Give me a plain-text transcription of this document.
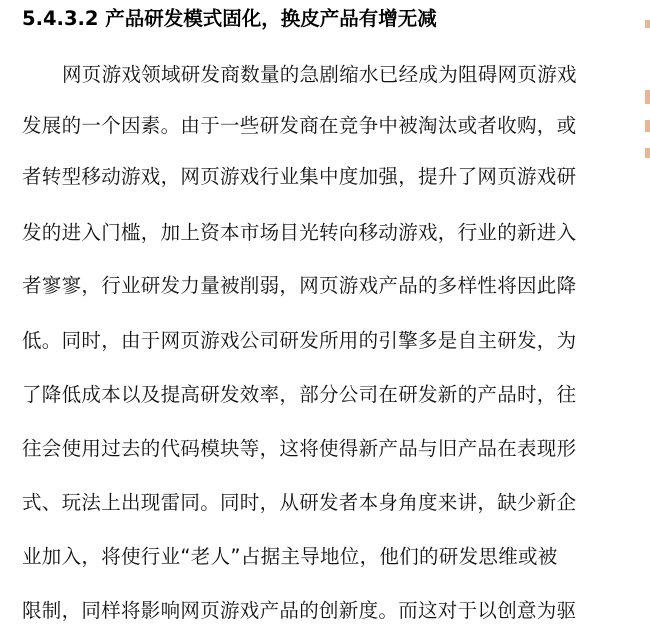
5.4.3.2 产品研发模式固化，换皮产品有增无减
网页游戏领域研发商数量的急剧缩水已经成为阻碍网页游戏
发展的一个因素。由于一些研发商在竞争中被淘汰或者收购，或
者转型移动游戏，网页游戏行业集中度加强，提升了网页游戏研
发的进入门槛，加上资本市场目光转向移动游戏，行业的新进入
者寥寥，行业研发力量被削弱，网页游戏产品的多样性将因此降
低。同时，由于网页游戏公司研发所用的引擎多是自主研发，为
了降低成本以及提高研发效率，部分公司在研发新的产品时，往
往会使用过去的代码模块等，这将使得新产品与旧产品在表现形
式、玩法上出现雷同。同时，从研发者本身角度来讲，缺少新企
业加入，将使行业“老人”占据主导地位，他们的研发思维或被
限制，同样将影响网页游戏产品的创新度。而这对于以创意为驱
